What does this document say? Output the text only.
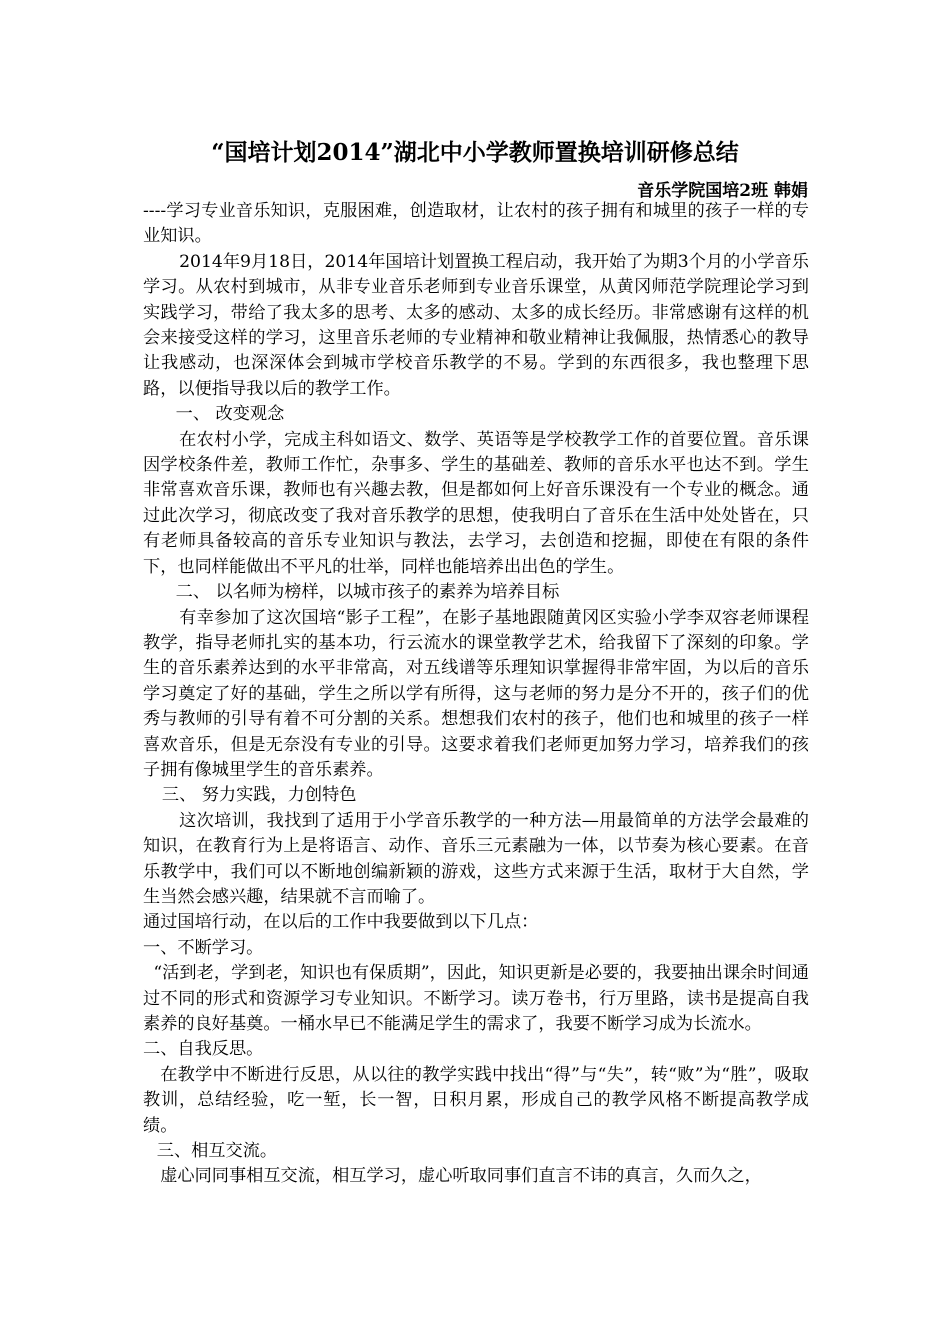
“国培计划2014”湖北中小学教师置换培训研修总结
音乐学院国培2班 韩娟

----学习专业音乐知识，克服困难，创造取材，让农村的孩子拥有和城里的孩子一样的专业知识。

2014年9月18日，2014年国培计划置换工程启动，我开始了为期3个月的小学音乐学习。从农村到城市，从非专业音乐老师到专业音乐课堂，从黄冈师范学院理论学习到实践学习，带给了我太多的思考、太多的感动、太多的成长经历。非常感谢有这样的机会来接受这样的学习，这里音乐老师的专业精神和敬业精神让我佩服，热情悉心的教导让我感动，也深深体会到城市学校音乐教学的不易。学到的东西很多，我也整理下思路，以便指导我以后的教学工作。

一、 改变观念

在农村小学，完成主科如语文、数学、英语等是学校教学工作的首要位置。音乐课因学校条件差，教师工作忙，杂事多、学生的基础差、教师的音乐水平也达不到。学生非常喜欢音乐课，教师也有兴趣去教，但是都如何上好音乐课没有一个专业的概念。通过此次学习，彻底改变了我对音乐教学的思想，使我明白了音乐在生活中处处皆在，只有老师具备较高的音乐专业知识与教法，去学习，去创造和挖掘，即使在有限的条件下，也同样能做出不平凡的壮举，同样也能培养出出色的学生。

二、 以名师为榜样，以城市孩子的素养为培养目标

有幸参加了这次国培“影子工程”，在影子基地跟随黄冈区实验小学李双容老师课程教学，指导老师扎实的基本功，行云流水的课堂教学艺术，给我留下了深刻的印象。学生的音乐素养达到的水平非常高，对五线谱等乐理知识掌握得非常牢固，为以后的音乐学习奠定了好的基础，学生之所以学有所得，这与老师的努力是分不开的，孩子们的优秀与教师的引导有着不可分割的关系。想想我们农村的孩子，他们也和城里的孩子一样喜欢音乐，但是无奈没有专业的引导。这要求着我们老师更加努力学习，培养我们的孩子拥有像城里学生的音乐素养。

三、 努力实践，力创特色

这次培训，我找到了适用于小学音乐教学的一种方法—用最简单的方法学会最难的知识，在教育行为上是将语言、动作、音乐三元素融为一体，以节奏为核心要素。在音乐教学中，我们可以不断地创编新颖的游戏，这些方式来源于生活，取材于大自然，学生当然会感兴趣，结果就不言而喻了。

通过国培行动，在以后的工作中我要做到以下几点：

一、不断学习。

“活到老，学到老，知识也有保质期”，因此，知识更新是必要的，我要抽出课余时间通过不同的形式和资源学习专业知识。不断学习。读万卷书，行万里路，读书是提高自我素养的良好基奠。一桶水早已不能满足学生的需求了，我要不断学习成为长流水。

二、自我反思。

在教学中不断进行反思，从以往的教学实践中找出“得”与“失”，转“败”为“胜”，吸取教训，总结经验，吃一堑，长一智，日积月累，形成自己的教学风格不断提高教学成绩。

三、相互交流。

虚心同同事相互交流，相互学习，虚心听取同事们直言不讳的真言，久而久之，
